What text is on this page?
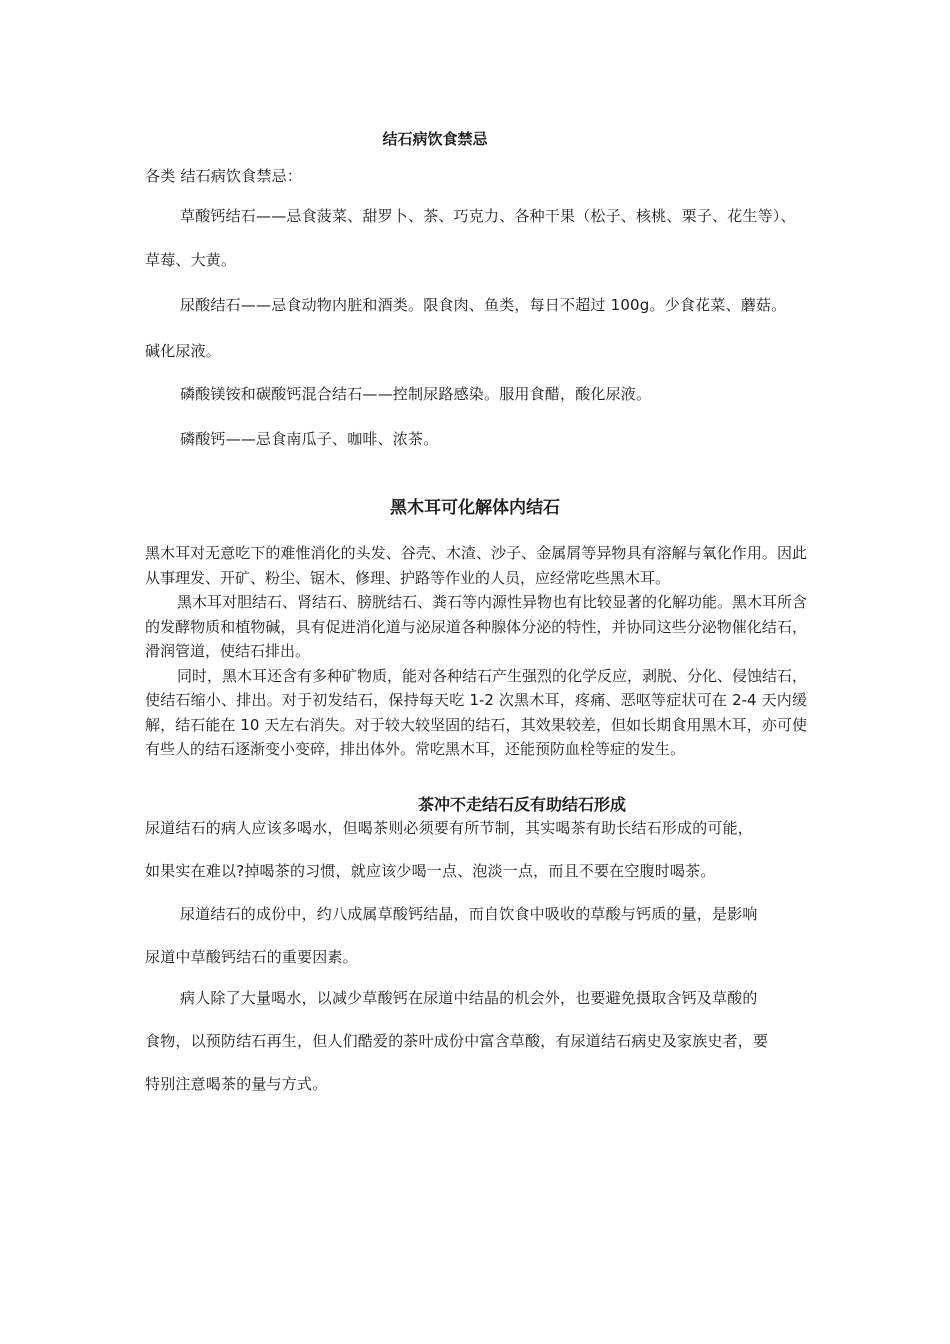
结石病饮食禁忌
各类 结石病饮食禁忌：
草酸钙结石——忌食菠菜、甜罗卜、茶、巧克力、各种干果（松子、核桃、栗子、花生等）、
草莓、大黄。
尿酸结石——忌食动物内脏和酒类。限食肉、鱼类，每日不超过 100g。少食花菜、蘑菇。
碱化尿液。
磷酸镁铵和碳酸钙混合结石——控制尿路感染。服用食醋，酸化尿液。
磷酸钙——忌食南瓜子、咖啡、浓茶。
黑木耳可化解体内结石

黑木耳对无意吃下的难惟消化的头发、谷壳、木渣、沙子、金属屑等异物具有溶解与氧化作用。因此从事理发、开矿、粉尘、锯木、修理、护路等作业的人员，应经常吃些黑木耳。

黑木耳对胆结石、肾结石、膀胱结石、粪石等内源性异物也有比较显著的化解功能。黑木耳所含的发酵物质和植物碱，具有促进消化道与泌尿道各种腺体分泌的特性，并协同这些分泌物催化结石，滑润管道，使结石排出。

同时，黑木耳还含有多种矿物质，能对各种结石产生强烈的化学反应，剥脱、分化、侵蚀结石，使结石缩小、排出。对于初发结石，保持每天吃 1-2 次黑木耳，疼痛、恶呕等症状可在 2-4 天内缓解，结石能在 10 天左右消失。对于较大较坚固的结石，其效果较差，但如长期食用黑木耳，亦可使有些人的结石逐渐变小变碎，排出体外。常吃黑木耳，还能预防血栓等症的发生。

茶冲不走结石反有助结石形成
尿道结石的病人应该多喝水，但喝茶则必须要有所节制，其实喝茶有助长结石形成的可能，
如果实在难以?掉喝茶的习惯，就应该少喝一点、泡淡一点，而且不要在空腹时喝茶。
尿道结石的成份中，约八成属草酸钙结晶，而自饮食中吸收的草酸与钙质的量，是影响
尿道中草酸钙结石的重要因素。
病人除了大量喝水，以减少草酸钙在尿道中结晶的机会外，也要避免摄取含钙及草酸的
食物，以预防结石再生，但人们酷爱的茶叶成份中富含草酸，有尿道结石病史及家族史者，要
特别注意喝茶的量与方式。
